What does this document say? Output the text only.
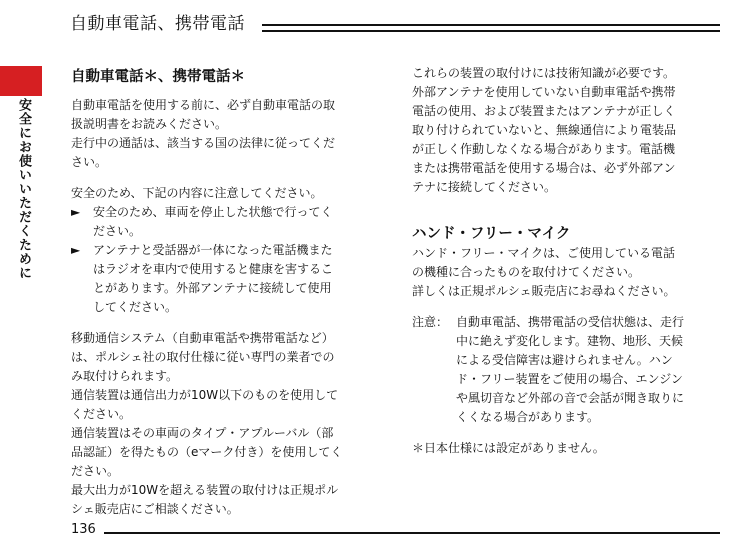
自動車電話、携帯電話
安全にお使いいただくために
自動車電話＊、携帯電話＊

自動車電話を使用する前に、必ず自動車電話の取
扱説明書をお読みください。
走行中の通話は、該当する国の法律に従ってくだ
さい。

安全のため、下記の内容に注意してください。

►	安全のため、車両を停止した状態で行ってく
ださい。
►	アンテナと受話器が一体になった電話機また
はラジオを車内で使用すると健康を害するこ
とがあります。外部アンテナに接続して使用
してください。

移動通信システム（自動車電話や携帯電話など）
は、ポルシェ社の取付仕様に従い専門の業者での
み取付けられます。
通信装置は通信出力が10W以下のものを使用して
ください。
通信装置はその車両のタイプ・アプルーバル（部
品認証）を得たもの（eマーク付き）を使用してく
ださい。
最大出力が10Wを超える装置の取付けは正規ポル
シェ販売店にご相談ください。

これらの装置の取付けには技術知識が必要です。
外部アンテナを使用していない自動車電話や携帯
電話の使用、および装置またはアンテナが正しく
取り付けられていないと、無線通信により電装品
が正しく作動しなくなる場合があります。電話機
または携帯電話を使用する場合は、必ず外部アン
テナに接続してください。

ハンド・フリー・マイク

ハンド・フリー・マイクは、ご使用している電話
の機種に合ったものを取付けてください。
詳しくは正規ポルシェ販売店にお尋ねください。

注意： 自動車電話、携帯電話の受信状態は、走行
中に絶えず変化します。建物、地形、天候
による受信障害は避けられません。ハン
ド・フリー装置をご使用の場合、エンジン
や風切音など外部の音で会話が聞き取りに
くくなる場合があります。

＊日本仕様には設定がありません。

136
